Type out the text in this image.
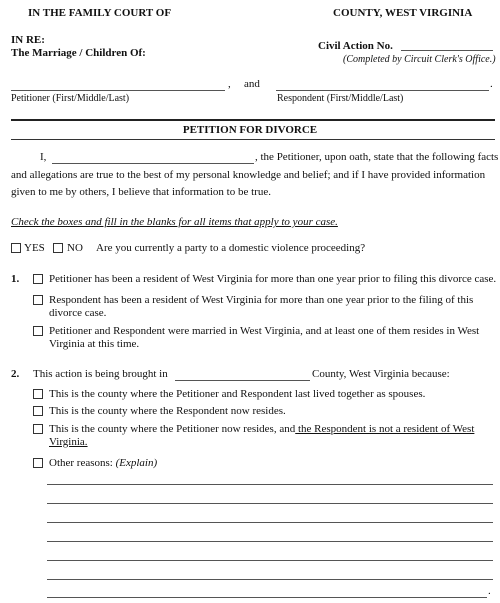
IN THE FAMILY COURT OF	COUNTY, WEST VIRGINIA
IN RE:
The Marriage / Children Of:
Civil Action No.
(Completed by Circuit Clerk's Office.)
, and	.
Petitioner (First/Middle/Last)	Respondent (First/Middle/Last)
PETITION FOR DIVORCE
I,	, the Petitioner, upon oath, state that the following facts
and allegations are true to the best of my personal knowledge and belief; and if I have provided information
given to me by others, I believe that information to be true.
Check the boxes and fill in the blanks for all items that apply to your case.
YES NO Are you currently a party to a domestic violence proceeding?
1.	Petitioner has been a resident of West Virginia for more than one year prior to filing this divorce case.
Respondent has been a resident of West Virginia for more than one year prior to the filing of this
divorce case.
Petitioner and Respondent were married in West Virginia, and at least one of them resides in West
Virginia at this time.
2. This action is being brought in	County, West Virginia because:
This is the county where the Petitioner and Respondent last lived together as spouses.
This is the county where the Respondent now resides.
This is the county where the Petitioner now resides, and the Respondent is not a resident of West
Virginia.
Other reasons: (Explain)
.
